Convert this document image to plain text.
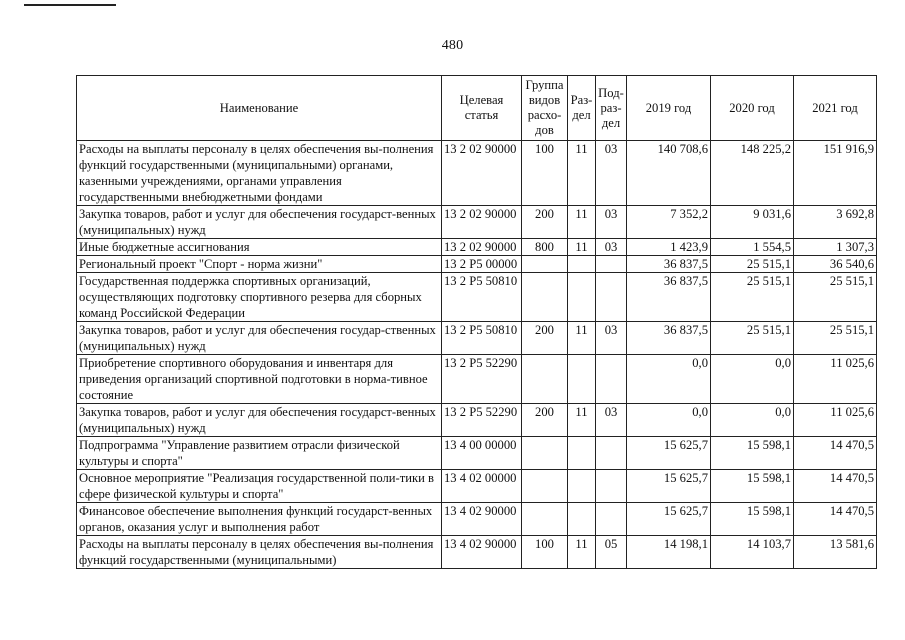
480
Наименование	Целевая статья	Группа видов расхо-дов	Раз-дел	Под-раз-дел	2019 год	2020 год	2021 год
Расходы на выплаты персоналу в целях обеспечения вы-полнения функций государственными (муниципальными) органами, казенными учреждениями, органами управления государственными внебюджетными фондами	13 2 02 90000	100	11	03	140 708,6	148 225,2	151 916,9
Закупка товаров, работ и услуг для обеспечения государст-венных (муниципальных) нужд	13 2 02 90000	200	11	03	7 352,2	9 031,6	3 692,8
Иные бюджетные ассигнования	13 2 02 90000	800	11	03	1 423,9	1 554,5	1 307,3
Региональный проект "Спорт - норма жизни"	13 2 P5 00000				36 837,5	25 515,1	36 540,6
Государственная поддержка спортивных организаций, осуществляющих подготовку спортивного резерва для сборных команд Российской Федерации	13 2 P5 50810				36 837,5	25 515,1	25 515,1
Закупка товаров, работ и услуг для обеспечения государ-ственных (муниципальных) нужд	13 2 P5 50810	200	11	03	36 837,5	25 515,1	25 515,1
Приобретение спортивного оборудования и инвентаря для приведения организаций спортивной подготовки в норма-тивное состояние	13 2 P5 52290				0,0	0,0	11 025,6
Закупка товаров, работ и услуг для обеспечения государст-венных (муниципальных) нужд	13 2 P5 52290	200	11	03	0,0	0,0	11 025,6
Подпрограмма "Управление развитием отрасли физической культуры и спорта"	13 4 00 00000				15 625,7	15 598,1	14 470,5
Основное мероприятие "Реализация государственной поли-тики в сфере физической культуры и спорта"	13 4 02 00000				15 625,7	15 598,1	14 470,5
Финансовое обеспечение выполнения функций государст-венных органов, оказания услуг и выполнения работ	13 4 02 90000				15 625,7	15 598,1	14 470,5
Расходы на выплаты персоналу в целях обеспечения вы-полнения функций государственными (муниципальными)	13 4 02 90000	100	11	05	14 198,1	14 103,7	13 581,6
